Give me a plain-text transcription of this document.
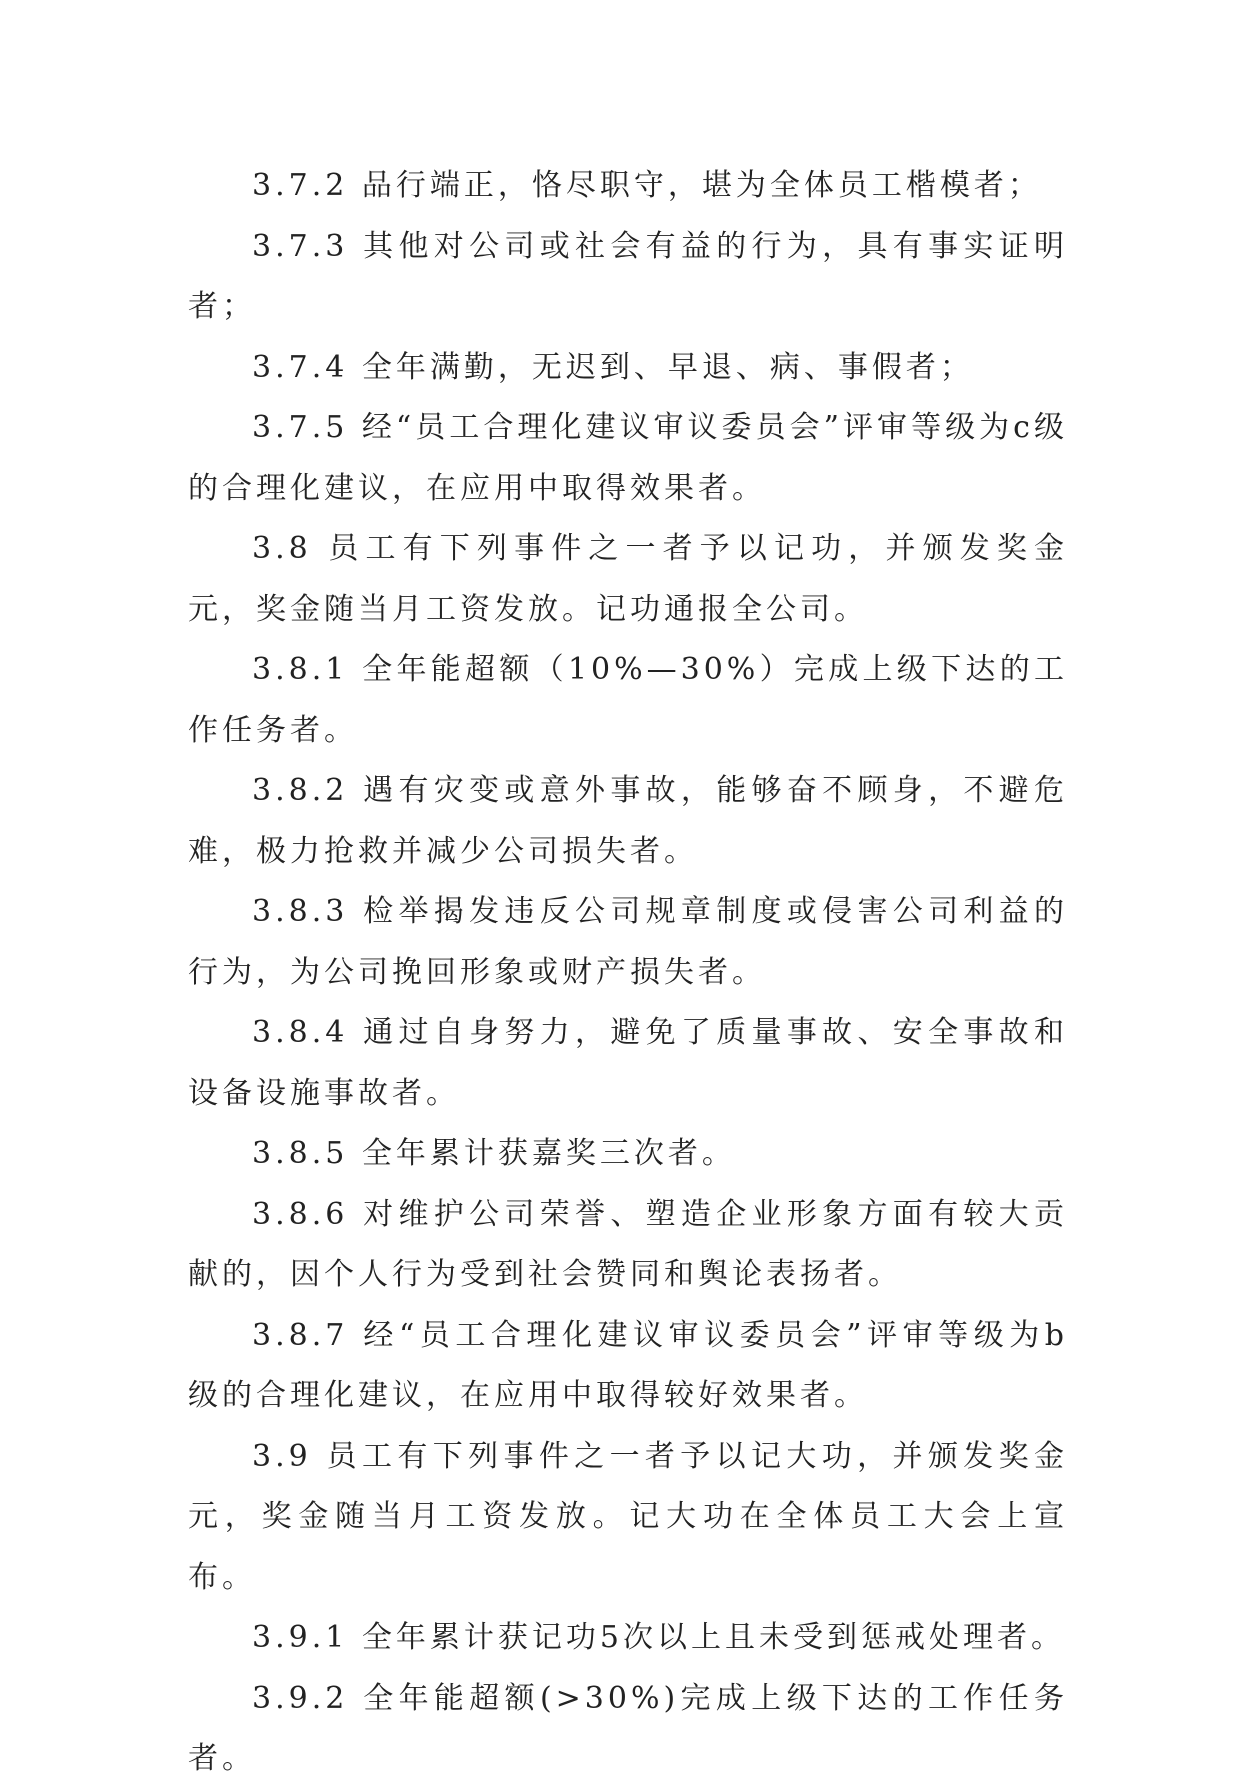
3.7.2 品行端正，恪尽职守，堪为全体员工楷模者；

3.7.3 其他对公司或社会有益的行为，具有事实证明者；

3.7.4 全年满勤，无迟到、早退、病、事假者；

3.7.5 经“员工合理化建议审议委员会”评审等级为c级的合理化建议，在应用中取得效果者。

3.8 员工有下列事件之一者予以记功，并颁发奖金 元，奖金随当月工资发放。记功通报全公司。

3.8.1 全年能超额（10%—30%）完成上级下达的工作任务者。

3.8.2 遇有灾变或意外事故，能够奋不顾身，不避危难，极力抢救并减少公司损失者。

3.8.3 检举揭发违反公司规章制度或侵害公司利益的行为，为公司挽回形象或财产损失者。

3.8.4 通过自身努力，避免了质量事故、安全事故和设备设施事故者。

3.8.5 全年累计获嘉奖三次者。

3.8.6 对维护公司荣誉、塑造企业形象方面有较大贡献的，因个人行为受到社会赞同和舆论表扬者。

3.8.7 经“员工合理化建议审议委员会”评审等级为b级的合理化建议，在应用中取得较好效果者。

3.9 员工有下列事件之一者予以记大功，并颁发奖金 元，奖金随当月工资发放。记大功在全体员工大会上宣布。

3.9.1 全年累计获记功5次以上且未受到惩戒处理者。

3.9.2 全年能超额(>30%)完成上级下达的工作任务者。
